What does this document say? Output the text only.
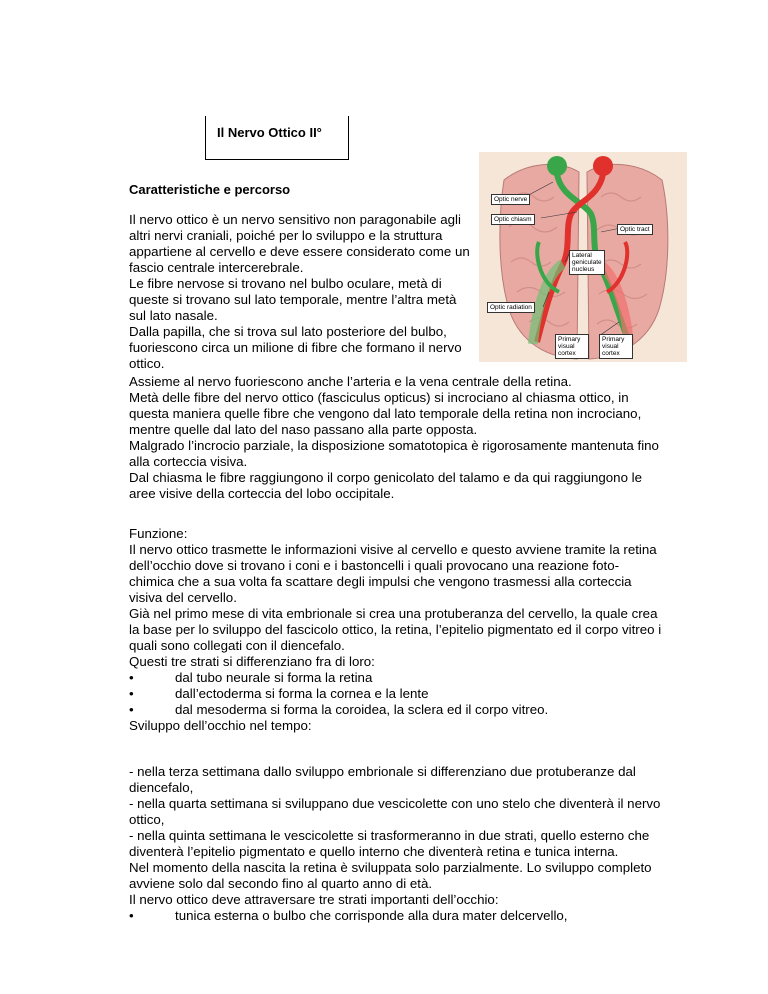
Il Nervo Ottico II°
Caratteristiche e percorso
Il nervo ottico è un nervo sensitivo non paragonabile agli
altri nervi craniali, poiché per lo sviluppo e la struttura
appartiene al cervello e deve essere considerato come un
fascio centrale intercerebrale.
Le fibre nervose si trovano nel bulbo oculare, metà di
queste si trovano sul lato temporale, mentre l’altra metà
sul lato nasale.
Dalla papilla, che si trova sul lato posteriore del bulbo,
fuoriescono circa un milione di fibre che formano il nervo
ottico.
Optic nerve
Optic chiasm
Optic tract
Lateral geniculate nucleus
Optic radiation
Primary visual cortex
Primary visual cortex
Assieme al nervo fuoriescono anche l’arteria e la vena centrale della retina.
Metà delle fibre del nervo ottico (fasciculus opticus) si incrociano al chiasma ottico, in
questa maniera quelle fibre che vengono dal lato temporale della retina non incrociano,
mentre quelle dal lato del naso passano alla parte opposta.
Malgrado l’incrocio parziale, la disposizione somatotopica è rigorosamente mantenuta fino
alla corteccia visiva.
Dal chiasma le fibre raggiungono il corpo genicolato del talamo e da qui raggiungono le
aree visive della corteccia del lobo occipitale.
Funzione:
Il nervo ottico trasmette le informazioni visive al cervello e questo avviene tramite la retina
dell’occhio dove si trovano i coni e i bastoncelli i quali provocano una reazione foto-
chimica che a sua volta fa scattare degli impulsi che vengono trasmessi alla corteccia
visiva del cervello.
Già nel primo mese di vita embrionale si crea una protuberanza del cervello, la quale crea
la base per lo sviluppo del fascicolo ottico, la retina, l’epitelio pigmentato ed il corpo vitreo i
quali sono collegati con il diencefalo.
Questi tre strati si differenziano fra di loro:
•	dal tubo neurale si forma la retina
•	dall’ectoderma si forma la cornea e la lente
•	dal mesoderma si forma la coroidea, la sclera ed il corpo vitreo.
Sviluppo dell’occhio nel tempo:
- nella terza settimana dallo sviluppo embrionale si differenziano due protuberanze dal
diencefalo,
- nella quarta settimana si sviluppano due vescicolette con uno stelo che diventerà il nervo
ottico,
- nella quinta settimana le vescicolette si trasformeranno in due strati, quello esterno che
diventerà l’epitelio pigmentato e quello interno che diventerà retina e tunica interna.
Nel momento della nascita la retina è sviluppata solo parzialmente. Lo sviluppo completo
avviene solo dal secondo fino al quarto anno di età.
Il nervo ottico deve attraversare tre strati importanti dell’occhio:
•	tunica esterna o bulbo che corrisponde alla dura mater delcervello,
